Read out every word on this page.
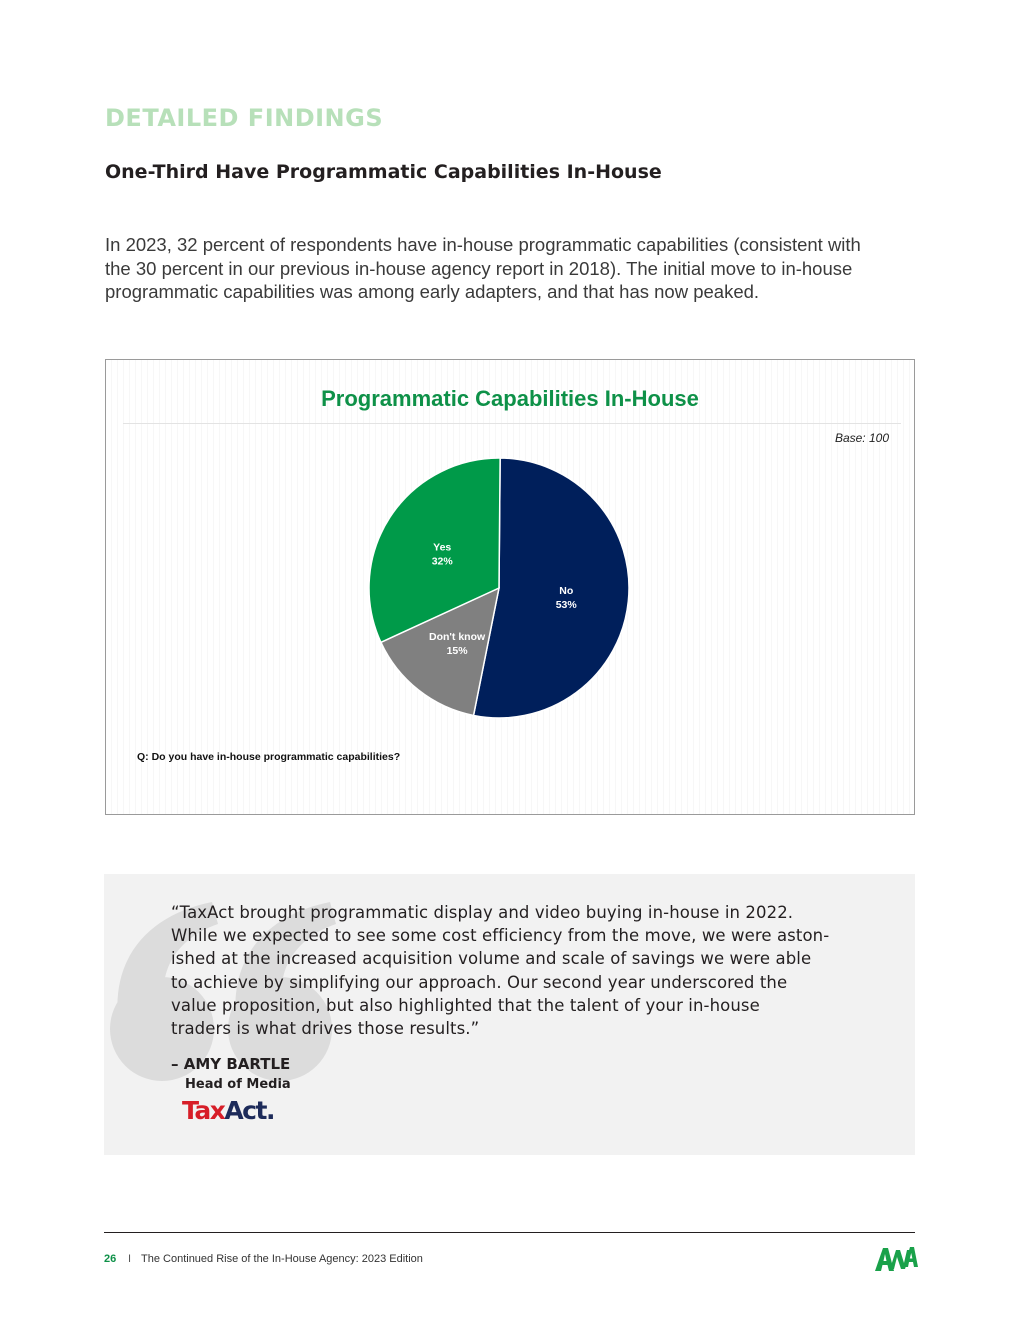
DETAILED FINDINGS
One-Third Have Programmatic Capabilities In-House
In 2023, 32 percent of respondents have in-house programmatic capabilities (consistent with
the 30 percent in our previous in-house agency report in 2018). The initial move to in-house
programmatic capabilities was among early adapters, and that has now peaked.
Programmatic Capabilities In-House
Base: 100
No
53%
Don't know
15%
Yes
32%
Q: Do you have in-house programmatic capabilities?
“TaxAct brought programmatic display and video buying in-house in 2022.
While we expected to see some cost efficiency from the move, we were aston-
ished at the increased acquisition volume and scale of savings we were able
to achieve by simplifying our approach. Our second year underscored the
value proposition, but also highlighted that the talent of your in-house
traders is what drives those results.”
– AMY BARTLE
Head of Media
TaxAct.
26 I The Continued Rise of the In-House Agency: 2023 Edition
